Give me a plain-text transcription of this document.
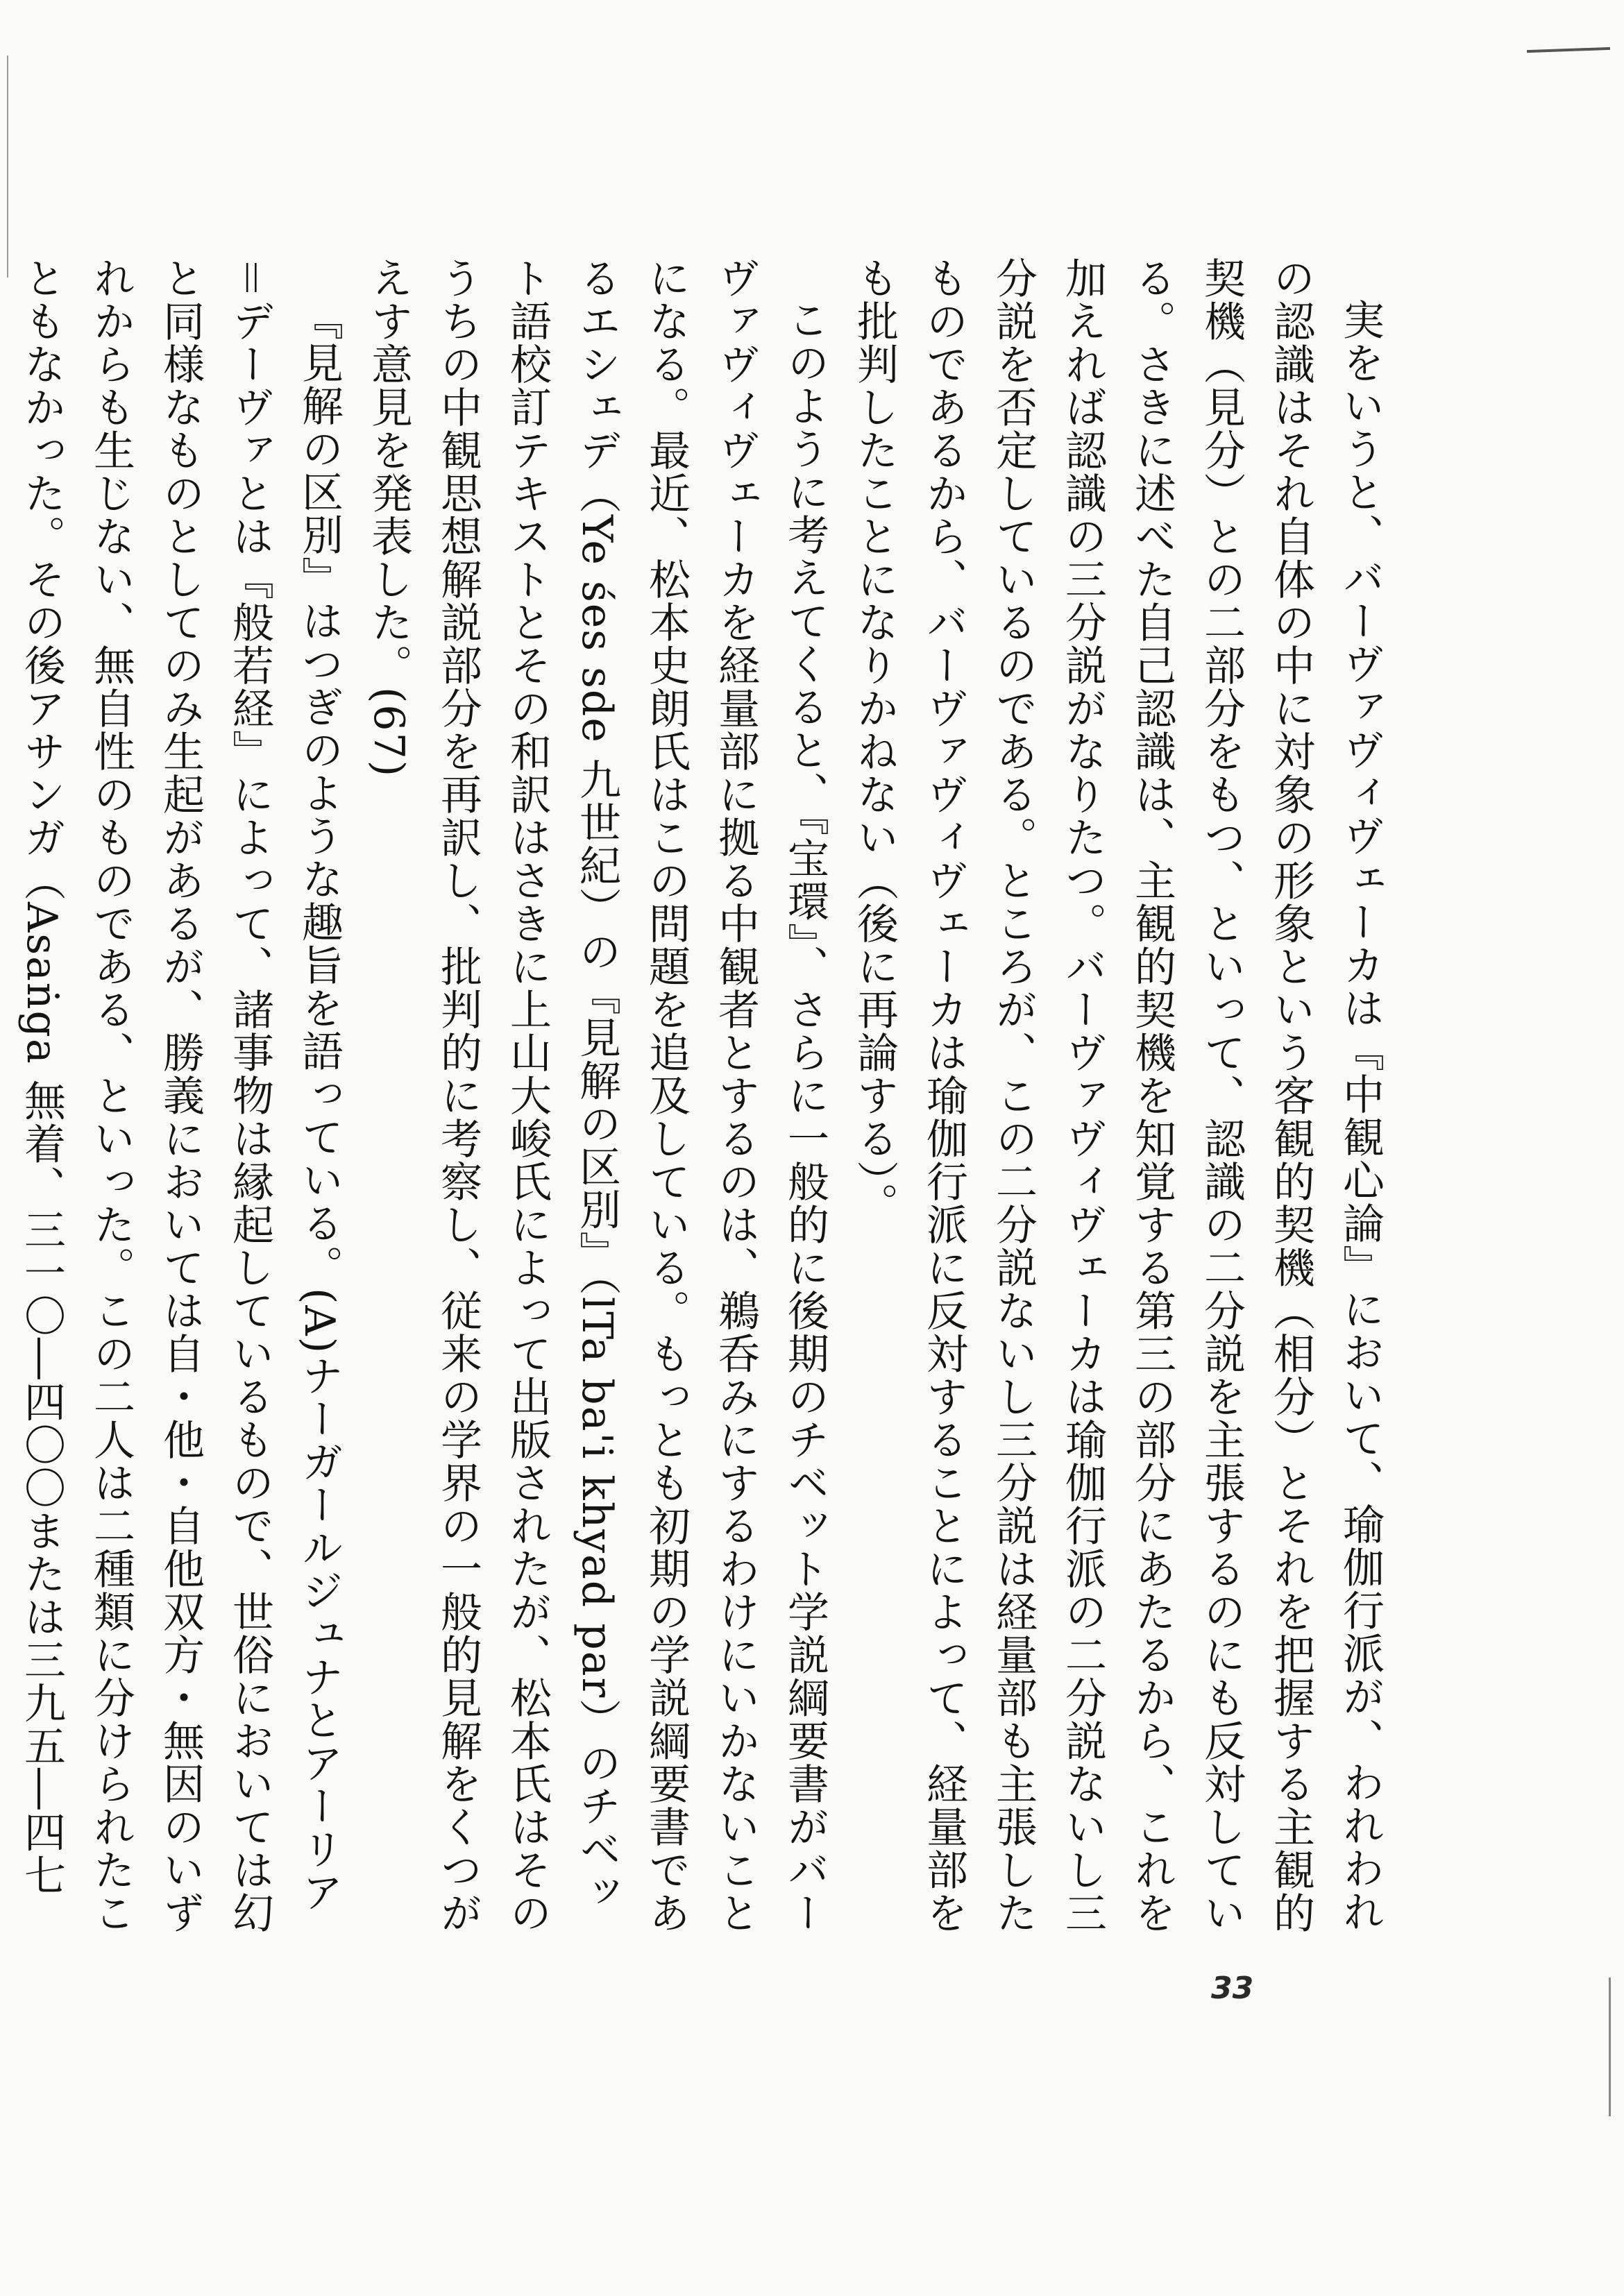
実をいうと、バーヴァヴィヴェーカは『中観心論』において、瑜伽行派が、われわれの認識はそれ自体の中に対象の形象という客観的契機（相分）とそれを把握する主観的契機（見分）との二部分をもつ、といって、認識の二分説を主張するのにも反対している。さきに述べた自己認識は、主観的契機を知覚する第三の部分にあたるから、これを加えれば認識の三分説がなりたつ。バーヴァヴィヴェーカは瑜伽行派の二分説ないし三分説を否定しているのである。ところが、この二分説ないし三分説は経量部も主張したものであるから、バーヴァヴィヴェーカは瑜伽行派に反対することによって、経量部をも批判したことになりかねない（後に再論する）。

このように考えてくると、『宝環』、さらに一般的に後期のチベット学説綱要書がバーヴァヴィヴェーカを経量部に拠る中観者とするのは、鵜呑みにするわけにいかないことになる。最近、松本史朗氏はこの問題を追及している。もっとも初期の学説綱要書であるエシェデ（Ye śes sde 九世紀）の『見解の区別』（lTa ba'i khyad par）のチベット語校訂テキストとその和訳はさきに上山大峻氏によって出版されたが、松本氏はそのうちの中観思想解説部分を再訳し、批判的に考察し、従来の学界の一般的見解をくつがえす意見を発表した。(67)

『見解の区別』はつぎのような趣旨を語っている。(A)ナーガールジュナとアーリア＝デーヴァとは『般若経』によって、諸事物は縁起しているもので、世俗においては幻と同様なものとしてのみ生起があるが、勝義においては自・他・自他双方・無因のいずれからも生じない、無自性のものである、といった。この二人は二種類に分けられたこともなかった。その後アサンガ（Asaṅga 無着、三一〇―四〇〇または三九五―四七

33
